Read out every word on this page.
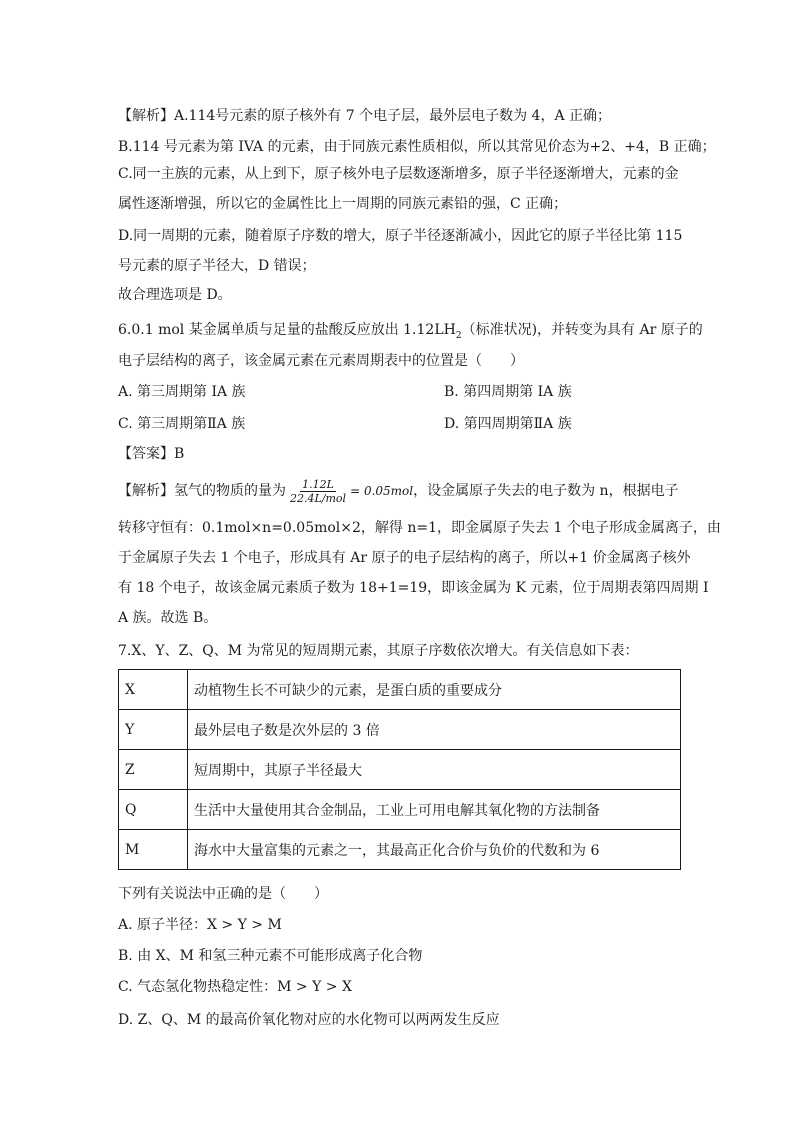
【解析】A.114号元素的原子核外有 7 个电子层，最外层电子数为 4，A 正确；
B.114 号元素为第 IVA 的元素，由于同族元素性质相似，所以其常见价态为+2、+4，B 正确；
C.同一主族的元素，从上到下，原子核外电子层数逐渐增多，原子半径逐渐增大，元素的金
属性逐渐增强，所以它的金属性比上一周期的同族元素铅的强，C 正确；
D.同一周期的元素，随着原子序数的增大，原子半径逐渐减小，因此它的原子半径比第 115
号元素的原子半径大，D 错误；
故合理选项是 D。
6.0.1 mol 某金属单质与足量的盐酸反应放出 $1.12LH_2$（标准状况)，并转变为具有 Ar 原子的
电子层结构的离子，该金属元素在元素周期表中的位置是（　　）
A. 第三周期第 IA 族	B. 第四周期第 IA 族
C. 第三周期第ⅡA 族	D. 第四周期第ⅡA 族
【答案】B
【解析】氢气的物质的量为 $\frac{1.12L}{\text{22.4L/mol}} = 0.05mol$，设金属原子失去的电子数为 n，根据电子
转移守恒有：0.1mol×n=0.05mol×2，解得 n=1，即金属原子失去 1 个电子形成金属离子，由
于金属原子失去 1 个电子，形成具有 Ar 原子的电子层结构的离子，所以+1 价金属离子核外
有 18 个电子，故该金属元素质子数为 18+1=19，即该金属为 K 元素，位于周期表第四周期 I
A 族。故选 B。
7.X、Y、Z、Q、M 为常见的短周期元素，其原子序数依次增大。有关信息如下表：
X	动植物生长不可缺少的元素，是蛋白质的重要成分
Y	最外层电子数是次外层的 3 倍
Z	短周期中，其原子半径最大
Q	生活中大量使用其合金制品，工业上可用电解其氧化物的方法制备
M	海水中大量富集的元素之一，其最高正化合价与负价的代数和为 6
下列有关说法中正确的是（　　）
A. 原子半径：X > Y > M
B. 由 X、M 和氢三种元素不可能形成离子化合物
C. 气态氢化物热稳定性：M > Y > X
D. Z、Q、M 的最高价氧化物对应的水化物可以两两发生反应
